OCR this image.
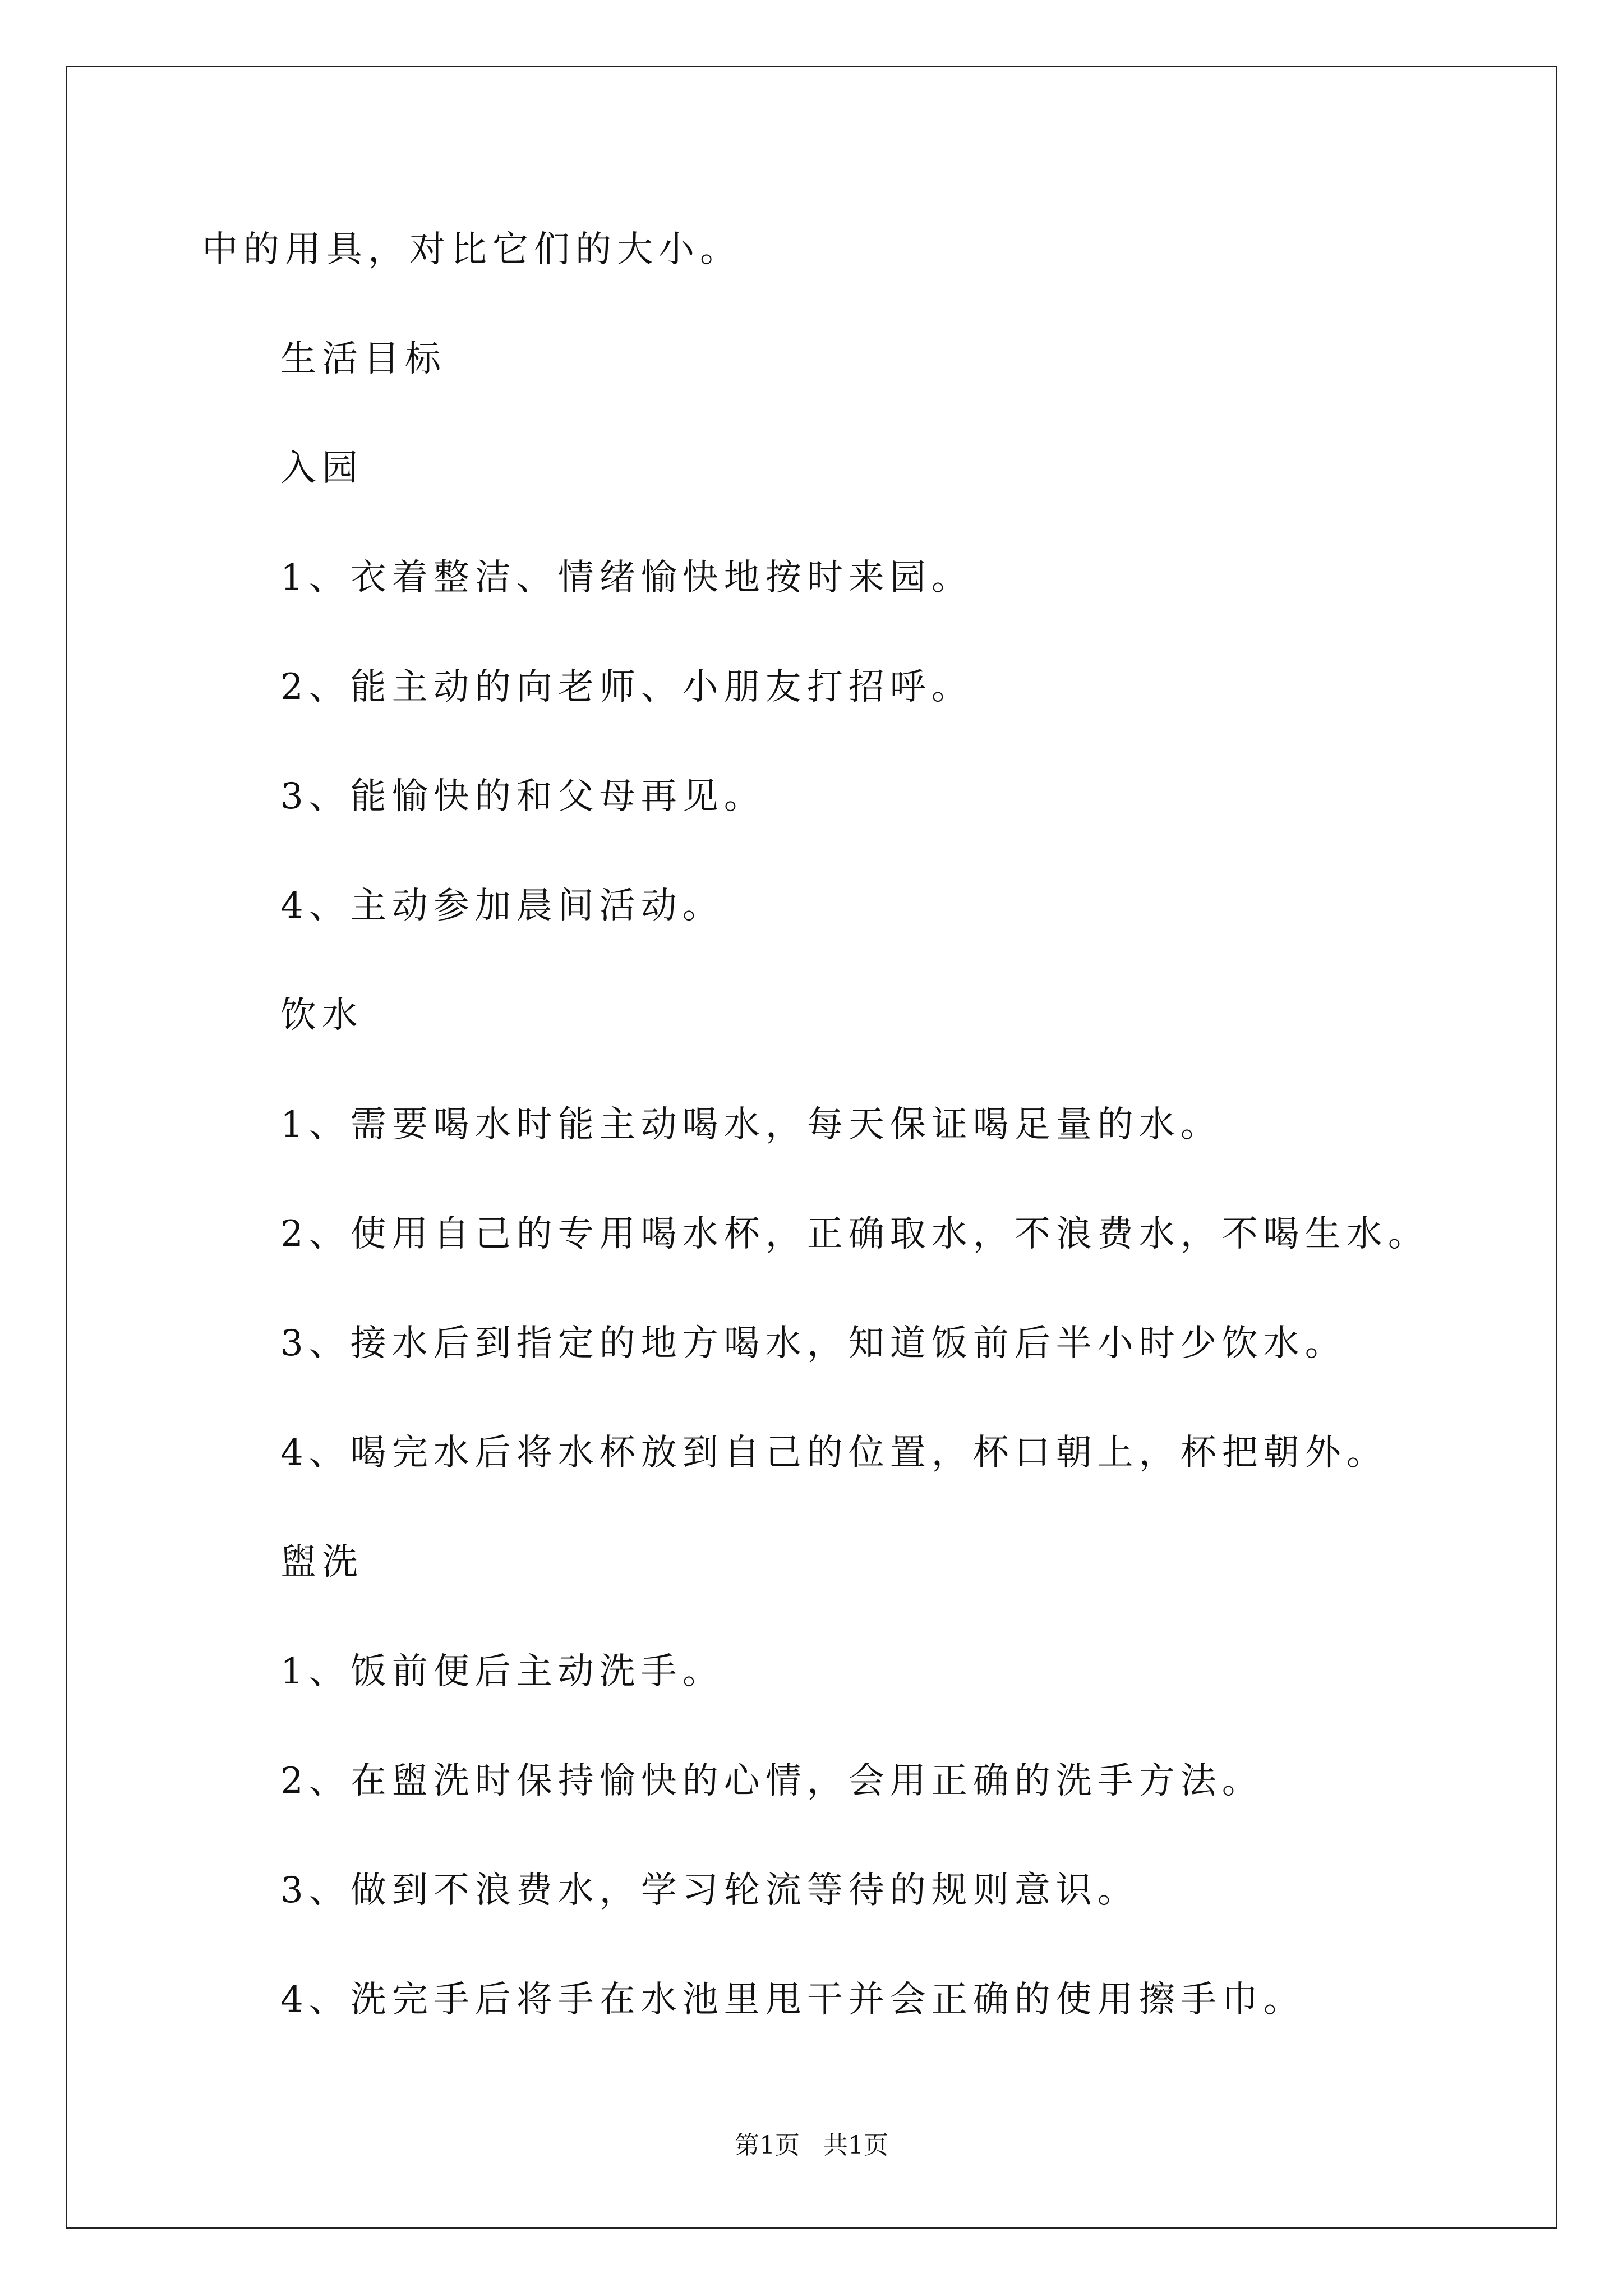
中的用具，对比它们的大小。
生活目标
入园
1、衣着整洁、情绪愉快地按时来园。
2、能主动的向老师、小朋友打招呼。
3、能愉快的和父母再见。
4、主动参加晨间活动。
饮水
1、需要喝水时能主动喝水，每天保证喝足量的水。
2、使用自己的专用喝水杯，正确取水，不浪费水，不喝生水。
3、接水后到指定的地方喝水，知道饭前后半小时少饮水。
4、喝完水后将水杯放到自己的位置，杯口朝上，杯把朝外。
盥洗
1、饭前便后主动洗手。
2、在盥洗时保持愉快的心情，会用正确的洗手方法。
3、做到不浪费水，学习轮流等待的规则意识。
4、洗完手后将手在水池里甩干并会正确的使用擦手巾。
第1页   共1页
